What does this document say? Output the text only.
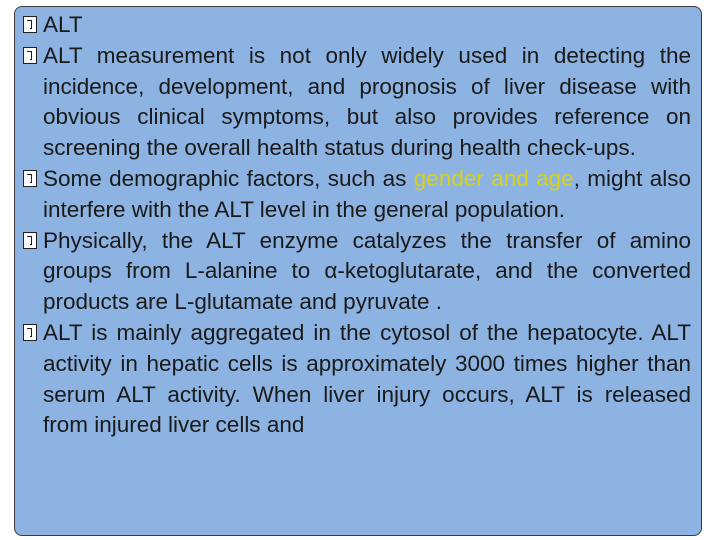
ALT

ALT measurement is not only widely used in detecting the incidence, development, and prognosis of liver disease with obvious clinical symptoms, but also provides reference on screening the overall health status during health check-ups.

Some demographic factors, such as gender and age, might also interfere with the ALT level in the general population.

Physically, the ALT enzyme catalyzes the transfer of amino groups from L-alanine to α-ketoglutarate, and the converted products are L-glutamate and pyruvate .

ALT is mainly aggregated in the cytosol of the hepatocyte. ALT activity in hepatic cells is approximately 3000 times higher than serum ALT activity. When liver injury occurs, ALT is released from injured liver cells and
